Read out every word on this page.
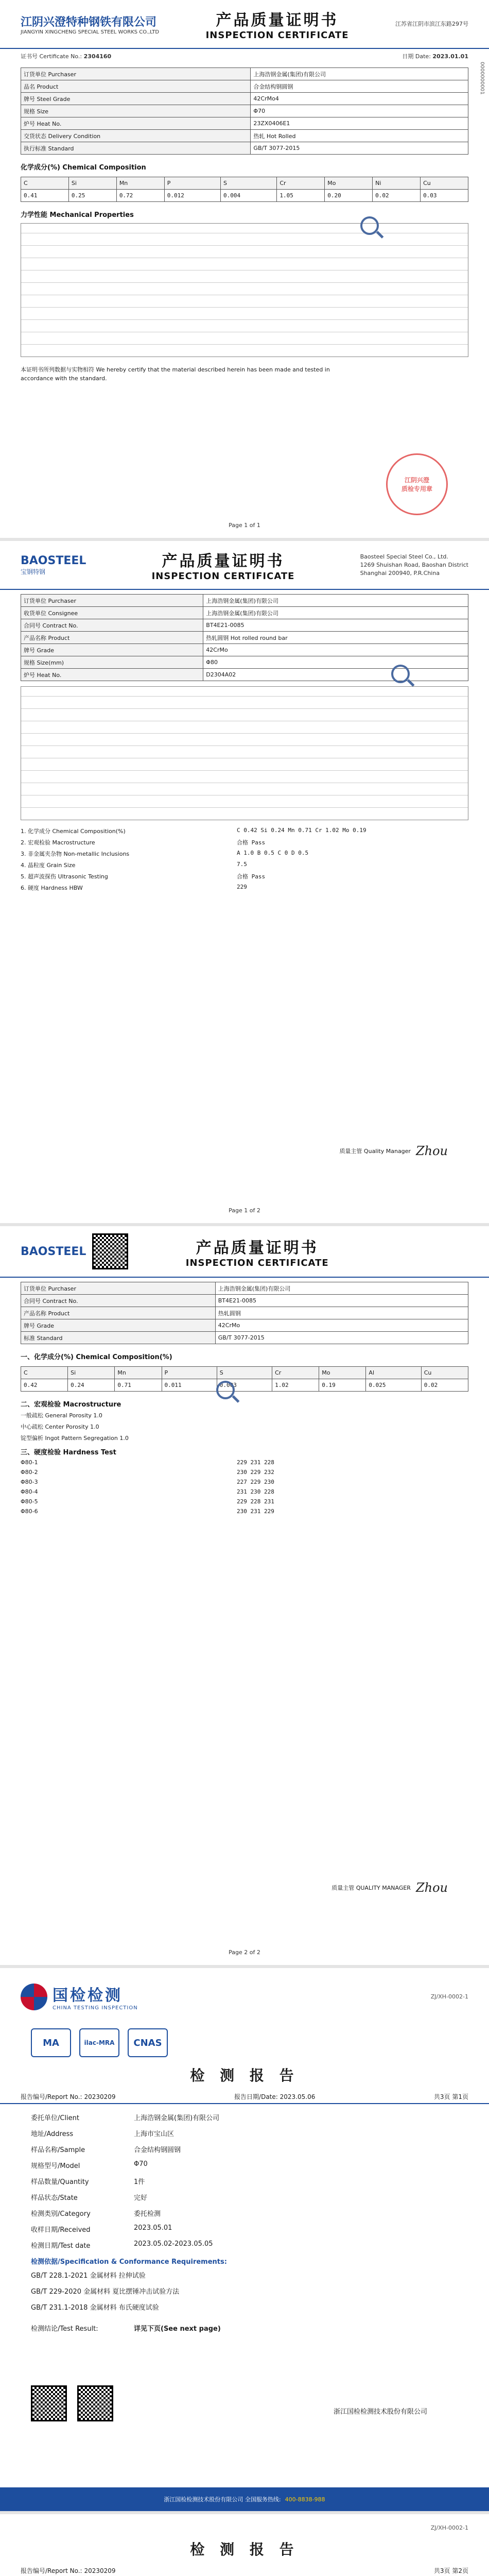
江阴兴澄特种钢铁有限公司
JIANGYIN XINGCHENG SPECIAL STEEL WORKS CO.,LTD
产品质量证明书
INSPECTION CERTIFICATE
江苏省江阴市滨江东路297号
证书号 Certificate No.: 2304160	日期 Date: 2023.01.01
订货单位 Purchaser	上海浩钢金属(集团)有限公司
品名 Product	合金结构钢圆钢
牌号 Steel Grade	42CrMo4
规格 Size	Φ70
炉号 Heat No.	23ZX0406E1
交货状态 Delivery Condition	热轧 Hot Rolled
执行标准 Standard	GB/T 3077-2015
化学成分(%) Chemical Composition
C	Si	Mn	P	S	Cr	Mo	Ni	Cu
0.41	0.25	0.72	0.012	0.004	1.05	0.20	0.02	0.03
力学性能 Mechanical Properties
本证明书所列数据与实物相符 We hereby certify that the material described herein has been made and tested in accordance with the standard.
江阴兴澄
质检专用章
0000000001
Page 1 of 1
BAOSTEEL
宝钢特钢
产品质量证明书
INSPECTION CERTIFICATE
Baosteel Special Steel Co., Ltd.
1269 Shuishan Road, Baoshan District
Shanghai 200940, P.R.China
订货单位 Purchaser	上海浩钢金属(集团)有限公司
收货单位 Consignee	上海浩钢金属(集团)有限公司
合同号 Contract No.	BT4E21-0085
产品名称 Product	热轧圆钢 Hot rolled round bar
牌号 Grade	42CrMo
规格 Size(mm)	Φ80
炉号 Heat No.	D2304A02
1. 化学成分 Chemical Composition(%)	C 0.42 Si 0.24 Mn 0.71 Cr 1.02 Mo 0.19
2. 宏观检验 Macrostructure	合格 Pass
3. 非金属夹杂物 Non-metallic Inclusions	A 1.0 B 0.5 C 0 D 0.5
4. 晶粒度 Grain Size	7.5
5. 超声波探伤 Ultrasonic Testing	合格 Pass
6. 硬度 Hardness HBW	229
质量主管 Quality Manager Zhou
Page 1 of 2
BAOSTEEL	产品质量证明书
INSPECTION CERTIFICATE
订货单位 Purchaser	上海浩钢金属(集团)有限公司
合同号 Contract No.	BT4E21-0085
产品名称 Product	热轧圆钢
牌号 Grade	42CrMo
标准 Standard	GB/T 3077-2015
一、化学成分(%) Chemical Composition(%)
C	Si	Mn	P	S	Cr	Mo	Al	Cu
0.42	0.24	0.71	0.011	0.003	1.02	0.19	0.025	0.02
二、宏观检验 Macrostructure
一般疏松 General Porosity 1.0
中心疏松 Center Porosity 1.0
锭型偏析 Ingot Pattern Segregation 1.0
三、硬度检验 Hardness Test
Φ80-1	229 231 228
Φ80-2	230 229 232
Φ80-3	227 229 230
Φ80-4	231 230 228
Φ80-5	229 228 231
Φ80-6	230 231 229
质量主管 QUALITY MANAGER Zhou
Page 2 of 2
国检检测
CHINA TESTING INSPECTION
ZJ/XH-0002-1
MA	ilac-MRA	CNAS
检 测 报 告
报告编号/Report No.: 20230209	报告日期/Date: 2023.05.06	共3页 第1页
委托单位/Client	上海浩钢金属(集团)有限公司
地址/Address	上海市宝山区
样品名称/Sample	合金结构钢圆钢
规格型号/Model	Φ70
样品数量/Quantity	1件
样品状态/State	完好
检测类别/Category	委托检测
收样日期/Received	2023.05.01
检测日期/Test date	2023.05.02-2023.05.05
检测依据/Specification & Conformance Requirements:
GB/T 228.1-2021 金属材料 拉伸试验
GB/T 229-2020 金属材料 夏比摆锤冲击试验方法
GB/T 231.1-2018 金属材料 布氏硬度试验
检测结论/Test Result:	详见下页(See next page)
浙江国检检测技术股份有限公司
浙江国检检测技术股份有限公司 全国服务热线: 400-8838-988
ZJ/XH-0002-1
检 测 报 告
报告编号/Report No.: 20230209	共3页 第2页
